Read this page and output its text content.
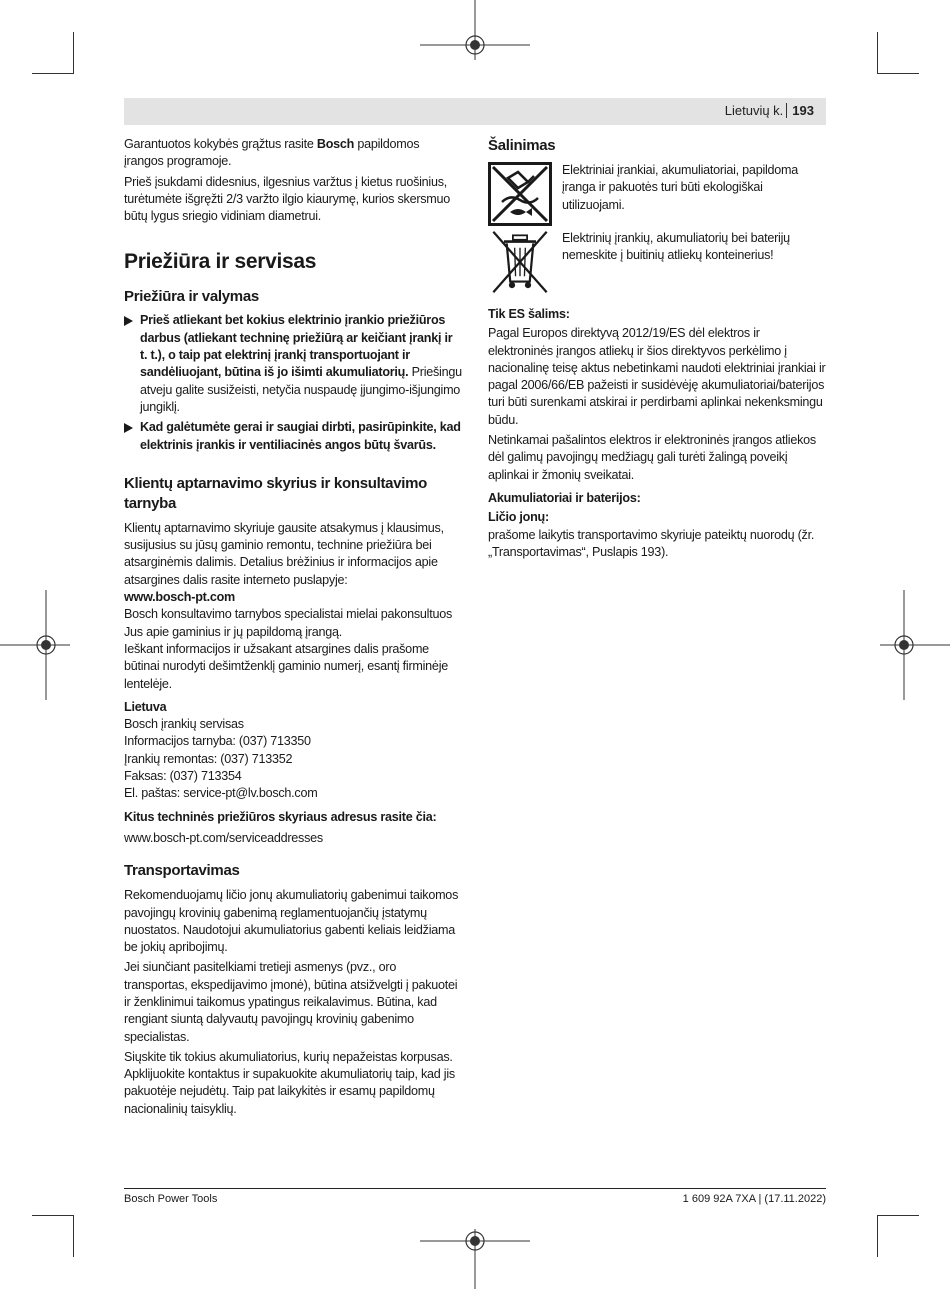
Lietuvių k. 193

Garantuotos kokybės grąžtus rasite Bosch papildomos įrangos programoje.

Prieš įsukdami didesnius, ilgesnius varžtus į kietus ruošinius, turėtumėte išgręžti 2/3 varžto ilgio kiaurymę, kurios skersmuo būtų lygus sriegio vidiniam diametrui.

Priežiūra ir servisas
Priežiūra ir valymas

Prieš atliekant bet kokius elektrinio įrankio priežiūros darbus (atliekant techninę priežiūrą ar keičiant įrankį ir t. t.), o taip pat elektrinį įrankį transportuojant ir sandėliuojant, būtina iš jo išimti akumuliatorių. Priešingu atveju galite susižeisti, netyčia nuspaudę įjungimo-išjungimo jungiklį.

Kad galėtumėte gerai ir saugiai dirbti, pasirūpinkite, kad elektrinis įrankis ir ventiliacinės angos būtų švarūs.

Klientų aptarnavimo skyrius ir konsultavimo tarnyba

Klientų aptarnavimo skyriuje gausite atsakymus į klausimus, susijusius su jūsų gaminio remontu, technine priežiūra bei atsarginėmis dalimis. Detalius brėžinius ir informacijos apie atsargines dalis rasite interneto puslapyje:

www.bosch-pt.com

Bosch konsultavimo tarnybos specialistai mielai pakonsultuos Jus apie gaminius ir jų papildomą įrangą.

Ieškant informacijos ir užsakant atsargines dalis prašome būtinai nurodyti dešimtženklį gaminio numerį, esantį firminėje lentelėje.

Lietuva

Bosch įrankių servisas

Informacijos tarnyba: (037) 713350

Įrankių remontas: (037) 713352

Faksas: (037) 713354

El. paštas: service-pt@lv.bosch.com

Kitus techninės priežiūros skyriaus adresus rasite čia:

www.bosch-pt.com/serviceaddresses

Transportavimas

Rekomenduojamų ličio jonų akumuliatorių gabenimui taikomos pavojingų krovinių gabenimą reglamentuojančių įstatymų nuostatos. Naudotojui akumuliatorius gabenti keliais leidžiama be jokių apribojimų.

Jei siunčiant pasitelkiami tretieji asmenys (pvz., oro transportas, ekspedijavimo įmonė), būtina atsižvelgti į pakuotei ir ženklinimui taikomus ypatingus reikalavimus. Būtina, kad rengiant siuntą dalyvautų pavojingų krovinių gabenimo specialistas.

Siųskite tik tokius akumuliatorius, kurių nepažeistas korpusas. Apklijuokite kontaktus ir supakuokite akumuliatorių taip, kad jis pakuotėje nejudėtų. Taip pat laikykitės ir esamų papildomų nacionalinių taisyklių.

Šalinimas

Elektriniai įrankiai, akumuliatoriai, papildoma įranga ir pakuotės turi būti ekologiškai utilizuojami.

Elektrinių įrankių, akumuliatorių bei baterijų nemeskite į buitinių atliekų konteinerius!

Tik ES šalims:

Pagal Europos direktyvą 2012/19/ES dėl elektros ir elektroninės įrangos atliekų ir šios direktyvos perkėlimo į nacionalinę teisę aktus nebetinkami naudoti elektriniai įrankiai ir pagal 2006/66/EB pažeisti ir susidėvėję akumuliatoriai/baterijos turi būti surenkami atskirai ir perdirbami aplinkai nekenksmingu būdu.

Netinkamai pašalintos elektros ir elektroninės įrangos atliekos dėl galimų pavojingų medžiagų gali turėti žalingą poveikį aplinkai ir žmonių sveikatai.

Akumuliatoriai ir baterijos:
Ličio jonų:

prašome laikytis transportavimo skyriuje pateiktų nuorodų (žr. „Transportavimas“, Puslapis 193).

Bosch Power Tools	1 609 92A 7XA | (17.11.2022)
